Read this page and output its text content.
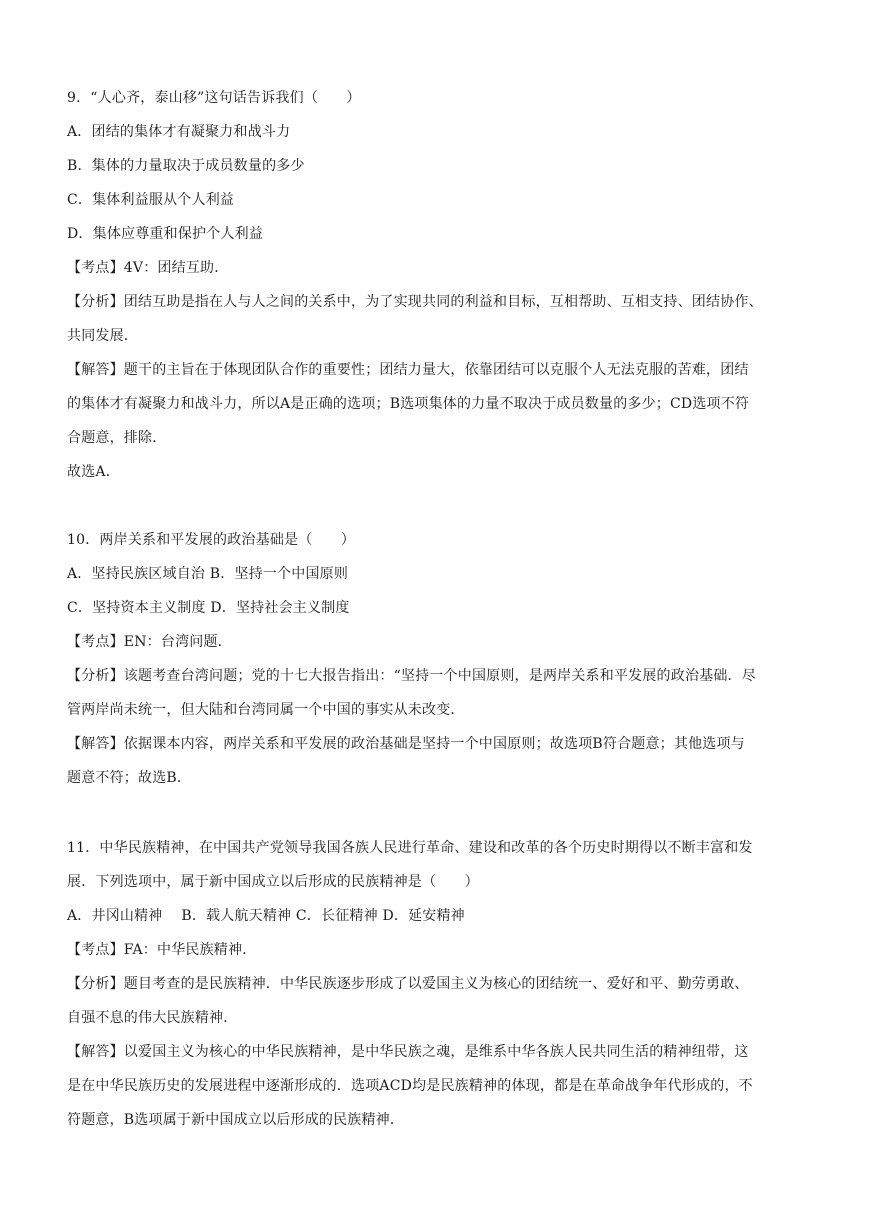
9．“人心齐，泰山移”这句话告诉我们（　　）
A．团结的集体才有凝聚力和战斗力
B．集体的力量取决于成员数量的多少
C．集体利益服从个人利益
D．集体应尊重和保护个人利益
【考点】4V：团结互助．
【分析】团结互助是指在人与人之间的关系中，为了实现共同的利益和目标，互相帮助、互相支持、团结协作、
共同发展．
【解答】题干的主旨在于体现团队合作的重要性；团结力量大，依靠团结可以克服个人无法克服的苦难，团结
的集体才有凝聚力和战斗力，所以A是正确的选项；B选项集体的力量不取决于成员数量的多少；CD选项不符
合题意，排除．
故选A．
10．两岸关系和平发展的政治基础是（　　）
A．坚持民族区域自治 B．坚持一个中国原则
C．坚持资本主义制度 D．坚持社会主义制度
【考点】EN：台湾问题．
【分析】该题考查台湾问题；党的十七大报告指出：“坚持一个中国原则，是两岸关系和平发展的政治基础．尽
管两岸尚未统一，但大陆和台湾同属一个中国的事实从未改变．
【解答】依据课本内容，两岸关系和平发展的政治基础是坚持一个中国原则；故选项B符合题意；其他选项与
题意不符；故选B．
11．中华民族精神，在中国共产党领导我国各族人民进行革命、建设和改革的各个历史时期得以不断丰富和发
展．下列选项中，属于新中国成立以后形成的民族精神是（　　）
A．井冈山精神　 B．载人航天精神 C．长征精神 D．延安精神
【考点】FA：中华民族精神．
【分析】题目考查的是民族精神．中华民族逐步形成了以爱国主义为核心的团结统一、爱好和平、勤劳勇敢、
自强不息的伟大民族精神．
【解答】以爱国主义为核心的中华民族精神，是中华民族之魂，是维系中华各族人民共同生活的精神纽带，这
是在中华民族历史的发展进程中逐渐形成的．选项ACD均是民族精神的体现，都是在革命战争年代形成的，不
符题意，B选项属于新中国成立以后形成的民族精神．
